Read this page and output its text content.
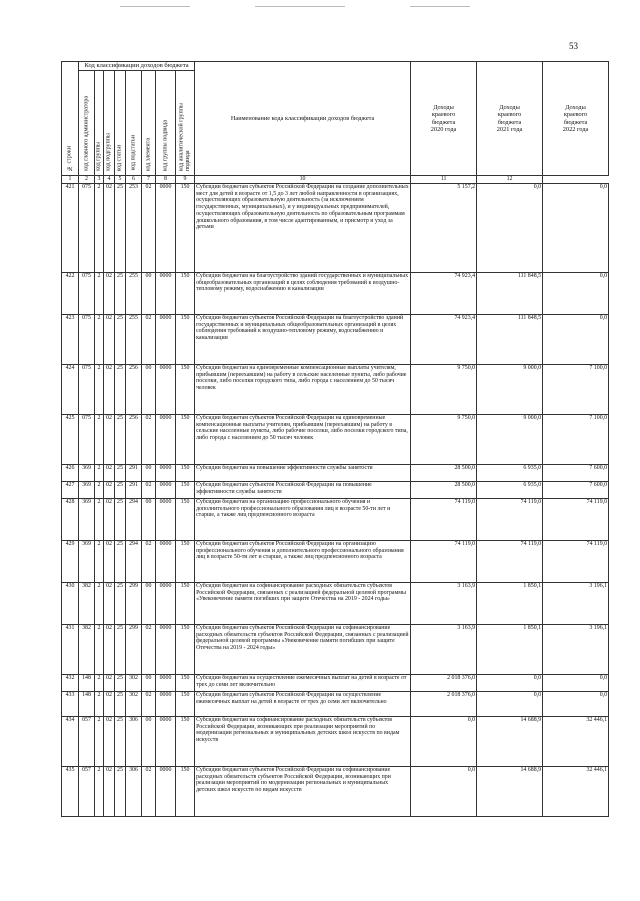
53
№ строки	Код классификации доходов бюджета								Наименование кода классификации доходов бюджета	Доходы
краевого
бюджета
2020 года	Доходы
краевого
бюджета
2021 года	Доходы
краевого
бюджета
2022 года

	код главного администратора	код группы	код подгруппы	код статьи	код подстатьи	код элемента	код группы подвида	код аналитической группы
подвида				

1	2	3	4	5	6	7	8	9	10	11	12	
421	075	2	02	25	253	02	0000	150	Субсидии бюджетам субъектов Российской Федерации на создание дополнительных мест для детей в возрасте от 1,5 до 3 лет любой направленности в организациях, осуществляющих образовательную деятельность (за исключением государственных, муниципальных), и у индивидуальных предпринимателей, осуществляющих образовательную деятельность по образовательным программам дошкольного образования, в том числе адаптированным, и присмотр и уход за детьми	5 157,2	0,0	0,0
422	075	2	02	25	255	00	0000	150	Субсидии бюджетам на благоустройство зданий государственных и муниципальных общеобразовательных организаций в целях соблюдения требований к воздушно-тепловому режиму, водоснабжению и канализации	74 923,4	111 848,5	0,0
423	075	2	02	25	255	02	0000	150	Субсидии бюджетам субъектов Российской Федерации на благоустройство зданий государственных и муниципальных общеобразовательных организаций в целях соблюдения требований к воздушно-тепловому режиму, водоснабжению и канализации	74 923,4	111 848,5	0,0
424	075	2	02	25	256	00	0000	150	Субсидии бюджетам на единовременные компенсационные выплаты учителям, прибывшим (переехавшим) на работу в сельские населенные пункты, либо рабочие поселки, либо поселки городского типа, либо города с населением до 50 тысяч человек	9 750,0	9 000,0	7 100,0
425	075	2	02	25	256	02	0000	150	Субсидии бюджетам субъектов Российской Федерации на единовременные компенсационные выплаты учителям, прибывшим (переехавшим) на работу в сельские населенные пункты, либо рабочие поселки, либо поселки городского типа, либо города с населением до 50 тысяч человек	9 750,0	9 000,0	7 100,0
426	369	2	02	25	291	00	0000	150	Субсидии бюджетам на повышение эффективности службы занятости	28 500,0	6 935,0	7 600,0
427	369	2	02	25	291	02	0000	150	Субсидии бюджетам субъектов Российской Федерации на повышение эффективности службы занятости	28 500,0	6 935,0	7 600,0
428	369	2	02	25	294	00	0000	150	Субсидии бюджетам на организацию профессионального обучения и дополнительного профессионального образования лиц в возрасте 50-ти лет и старше, а также лиц предпенсионного возраста	74 119,0	74 119,0	74 119,0
429	369	2	02	25	294	02	0000	150	Субсидии бюджетам субъектов Российской Федерации на организацию профессионального обучения и дополнительного профессионального образования лиц в возрасте 50-ти лет и старше, а также лиц предпенсионного возраста	74 119,0	74 119,0	74 119,0
430	382	2	02	25	299	00	0000	150	Субсидии бюджетам на софинансирование расходных обязательств субъектов Российской Федерации, связанных с реализацией федеральной целевой программы «Увековечение памяти погибших при защите Отечества на 2019 - 2024 годы»	3 163,9	1 850,1	3 196,1
431	382	2	02	25	299	02	0000	150	Субсидии бюджетам субъектов Российской Федерации на софинансирование расходных обязательств субъектов Российской Федерации, связанных с реализацией федеральной целевой программы «Увековечение памяти погибших при защите Отечества на 2019 - 2024 годы»	3 163,9	1 850,1	3 196,1
432	148	2	02	25	302	00	0000	150	Субсидии бюджетам на осуществление ежемесячных выплат на детей в возрасте от трех до семи лет включительно	2 018 376,0	0,0	0,0
433	148	2	02	25	302	02	0000	150	Субсидии бюджетам субъектов Российской Федерации на осуществление ежемесячных выплат на детей в возрасте от трех до семи лет включительно	2 018 376,0	0,0	0,0
434	057	2	02	25	306	00	0000	150	Субсидии бюджетам на софинансирование расходных обязательств субъектов Российской Федерации, возникающих при реализации мероприятий по модернизации региональных и муниципальных детских школ искусств по видам искусств	0,0	14 688,9	32 446,1
435	057	2	02	25	306	02	0000	150	Субсидии бюджетам субъектов Российской Федерации на софинансирование расходных обязательств субъектов Российской Федерации, возникающих при реализации мероприятий по модернизации региональных и муниципальных детских школ искусств по видам искусств	0,0	14 688,9	32 446,1
